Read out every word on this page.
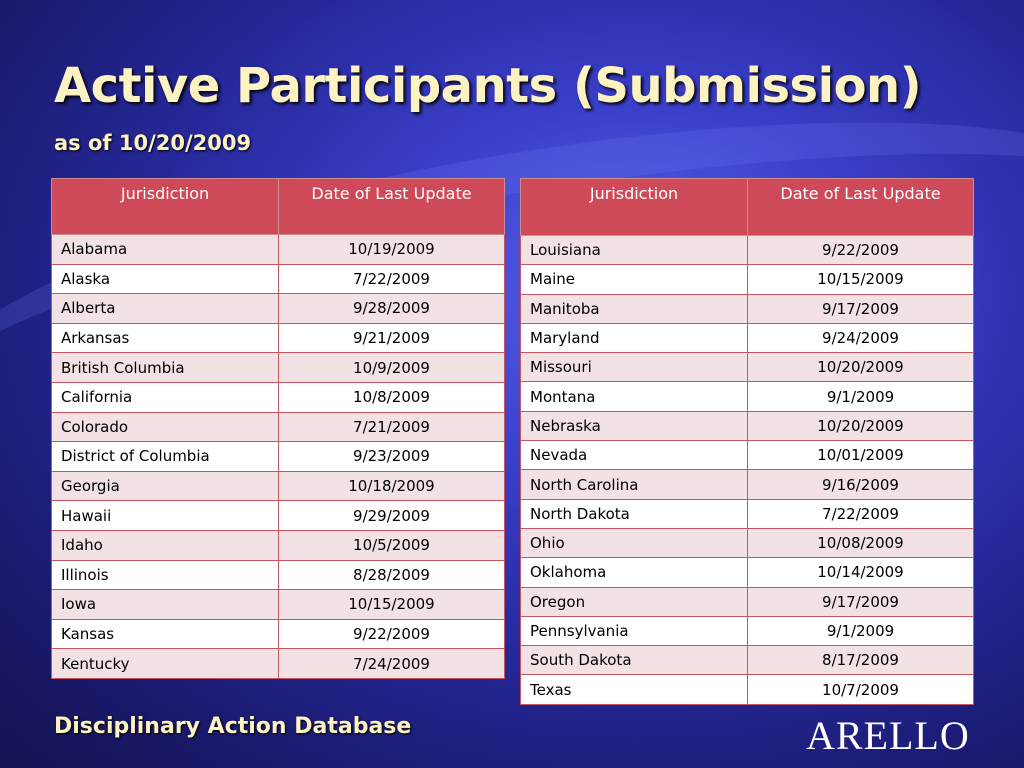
Active Participants (Submission)

as of 10/20/2009

Jurisdiction	Date of Last Update
Alabama	10/19/2009
Alaska	7/22/2009
Alberta	9/28/2009
Arkansas	9/21/2009
British Columbia	10/9/2009
California	10/8/2009
Colorado	7/21/2009
District of Columbia	9/23/2009
Georgia	10/18/2009
Hawaii	9/29/2009
Idaho	10/5/2009
Illinois	8/28/2009
Iowa	10/15/2009
Kansas	9/22/2009
Kentucky	7/24/2009
Jurisdiction	Date of Last Update
Louisiana	9/22/2009
Maine	10/15/2009
Manitoba	9/17/2009
Maryland	9/24/2009
Missouri	10/20/2009
Montana	9/1/2009
Nebraska	10/20/2009
Nevada	10/01/2009
North Carolina	9/16/2009
North Dakota	7/22/2009
Ohio	10/08/2009
Oklahoma	10/14/2009
Oregon	9/17/2009
Pennsylvania	9/1/2009
South Dakota	8/17/2009
Texas	10/7/2009

Disciplinary Action Database	ARELLO
